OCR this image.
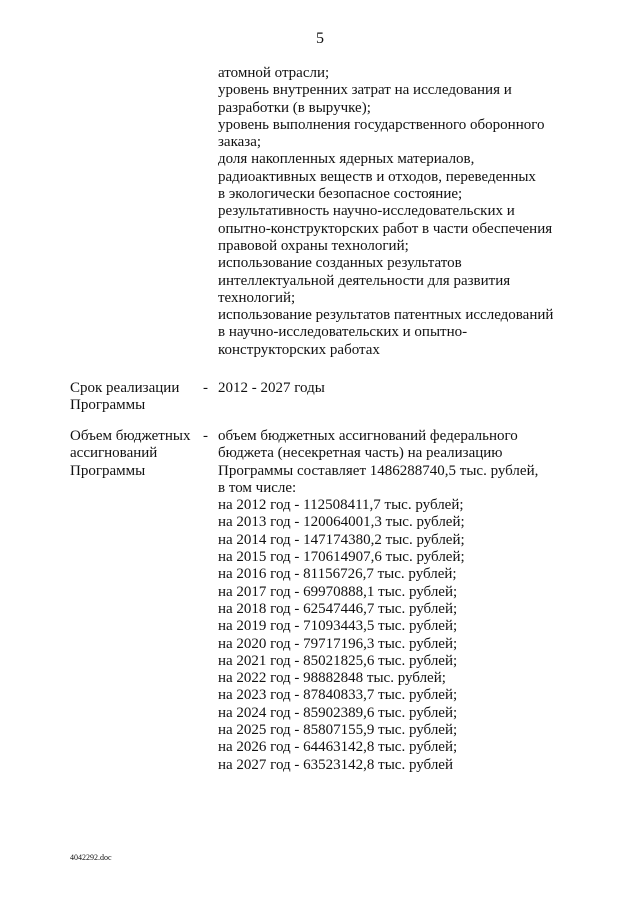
5
атомной отрасли;
уровень внутренних затрат на исследования и
разработки (в выручке);
уровень выполнения государственного оборонного
заказа;
доля накопленных ядерных материалов,
радиоактивных веществ и отходов, переведенных
в экологически безопасное состояние;
результативность научно-исследовательских и
опытно-конструкторских работ в части обеспечения
правовой охраны технологий;
использование созданных результатов
интеллектуальной деятельности для развития
технологий;
использование результатов патентных исследований
в научно-исследовательских и опытно-
конструкторских работах
Срок реализации
Программы
- 2012 - 2027 годы
Объем бюджетных
ассигнований
Программы
- объем бюджетных ассигнований федерального
бюджета (несекретная часть) на реализацию
Программы составляет 1486288740,5 тыс. рублей,
в том числе:
на 2012 год - 112508411,7 тыс. рублей;
на 2013 год - 120064001,3 тыс. рублей;
на 2014 год - 147174380,2 тыс. рублей;
на 2015 год - 170614907,6 тыс. рублей;
на 2016 год - 81156726,7 тыс. рублей;
на 2017 год - 69970888,1 тыс. рублей;
на 2018 год - 62547446,7 тыс. рублей;
на 2019 год - 71093443,5 тыс. рублей;
на 2020 год - 79717196,3 тыс. рублей;
на 2021 год - 85021825,6 тыс. рублей;
на 2022 год - 98882848 тыс. рублей;
на 2023 год - 87840833,7 тыс. рублей;
на 2024 год - 85902389,6 тыс. рублей;
на 2025 год - 85807155,9 тыс. рублей;
на 2026 год - 64463142,8 тыс. рублей;
на 2027 год - 63523142,8 тыс. рублей
4042292.doc
